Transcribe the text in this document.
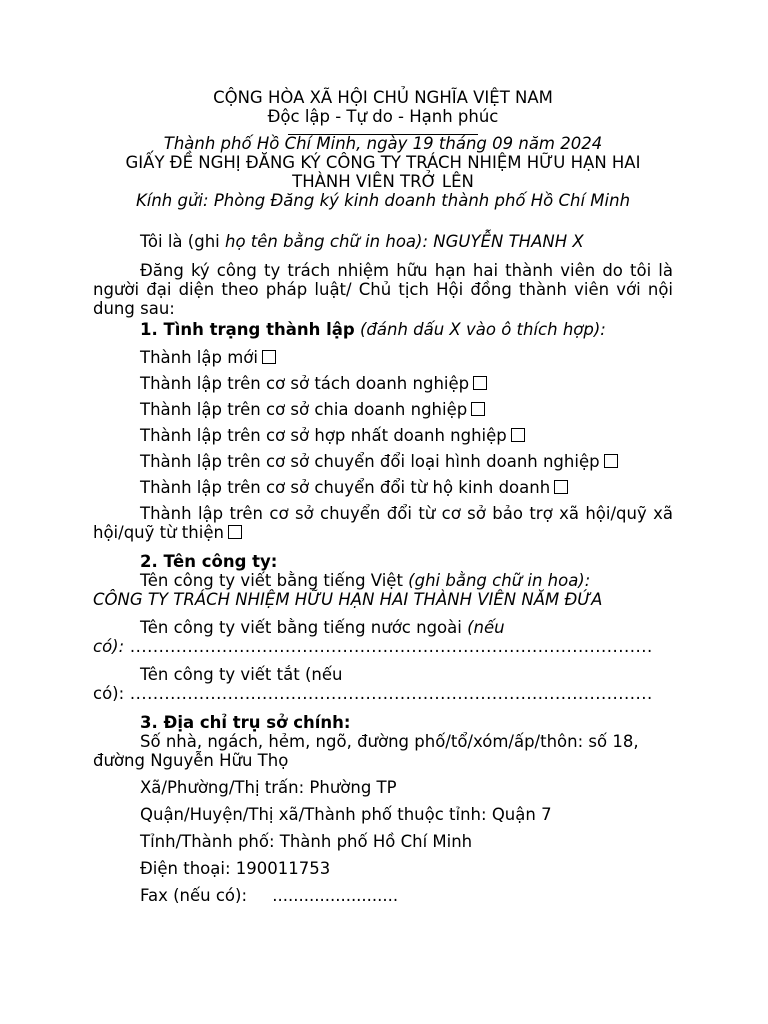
CỘNG HÒA XÃ HỘI CHỦ NGHĨA VIỆT NAM
Độc lập - Tự do - Hạnh phúc
Thành phố Hồ Chí Minh, ngày 19 tháng 09 năm 2024
GIẤY ĐỀ NGHỊ ĐĂNG KÝ CÔNG TY TRÁCH NHIỆM HỮU HẠN HAI
THÀNH VIÊN TRỞ LÊN
Kính gửi: Phòng Đăng ký kinh doanh thành phố Hồ Chí Minh
Tôi là (ghi họ tên bằng chữ in hoa): NGUYỄN THANH X
Đăng ký công ty trách nhiệm hữu hạn hai thành viên do tôi là người đại diện theo pháp luật/ Chủ tịch Hội đồng thành viên với nội dung sau:
1. Tình trạng thành lập (đánh dấu X vào ô thích hợp):
Thành lập mới
Thành lập trên cơ sở tách doanh nghiệp
Thành lập trên cơ sở chia doanh nghiệp
Thành lập trên cơ sở hợp nhất doanh nghiệp
Thành lập trên cơ sở chuyển đổi loại hình doanh nghiệp
Thành lập trên cơ sở chuyển đổi từ hộ kinh doanh
Thành lập trên cơ sở chuyển đổi từ cơ sở bảo trợ xã hội/quỹ xã hội/quỹ từ thiện
2. Tên công ty:
Tên công ty viết bằng tiếng Việt (ghi bằng chữ in hoa):
CÔNG TY TRÁCH NHIỆM HỮU HẠN HAI THÀNH VIÊN NĂM ĐỨA
Tên công ty viết bằng tiếng nước ngoài (nếu
có): ...........................................................................................
Tên công ty viết tắt (nếu
có): ...........................................................................................
3. Địa chỉ trụ sở chính:
Số nhà, ngách, hẻm, ngõ, đường phố/tổ/xóm/ấp/thôn: số 18, đường Nguyễn Hữu Thọ
Xã/Phường/Thị trấn: Phường TP
Quận/Huyện/Thị xã/Thành phố thuộc tỉnh: Quận 7
Tỉnh/Thành phố: Thành phố Hồ Chí Minh
Điện thoại: 190011753
Fax (nếu có): ........................
